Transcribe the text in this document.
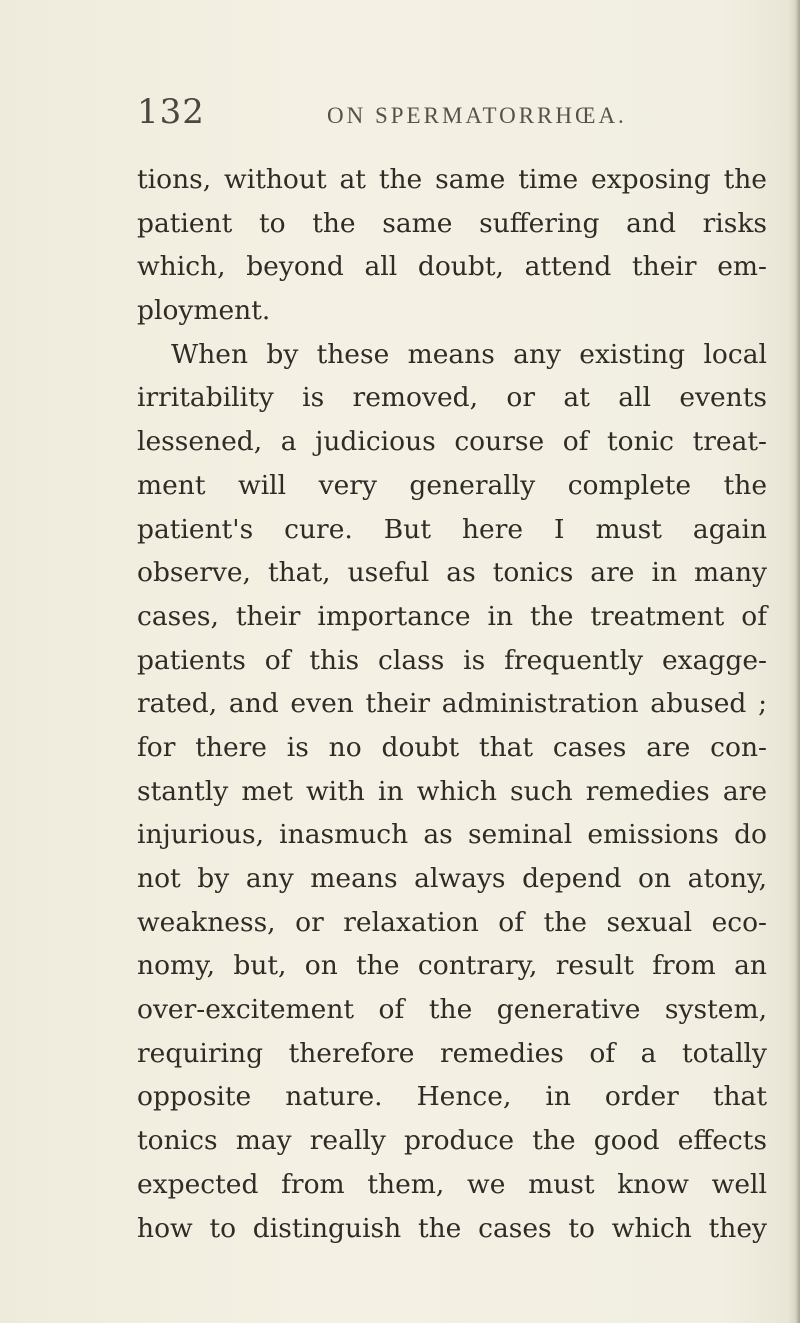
132	ON SPERMATORRHŒA.
tions, without at the same time exposing the
patient to the same suffering and risks
which, beyond all doubt, attend their em-
ployment.
When by these means any existing local
irritability is removed, or at all events
lessened, a judicious course of tonic treat-
ment will very generally complete the
patient's cure. But here I must again
observe, that, useful as tonics are in many
cases, their importance in the treatment of
patients of this class is frequently exagge-
rated, and even their administration abused ;
for there is no doubt that cases are con-
stantly met with in which such remedies are
injurious, inasmuch as seminal emissions do
not by any means always depend on atony,
weakness, or relaxation of the sexual eco-
nomy, but, on the contrary, result from an
over-excitement of the generative system,
requiring therefore remedies of a totally
opposite nature. Hence, in order that
tonics may really produce the good effects
expected from them, we must know well
how to distinguish the cases to which they
